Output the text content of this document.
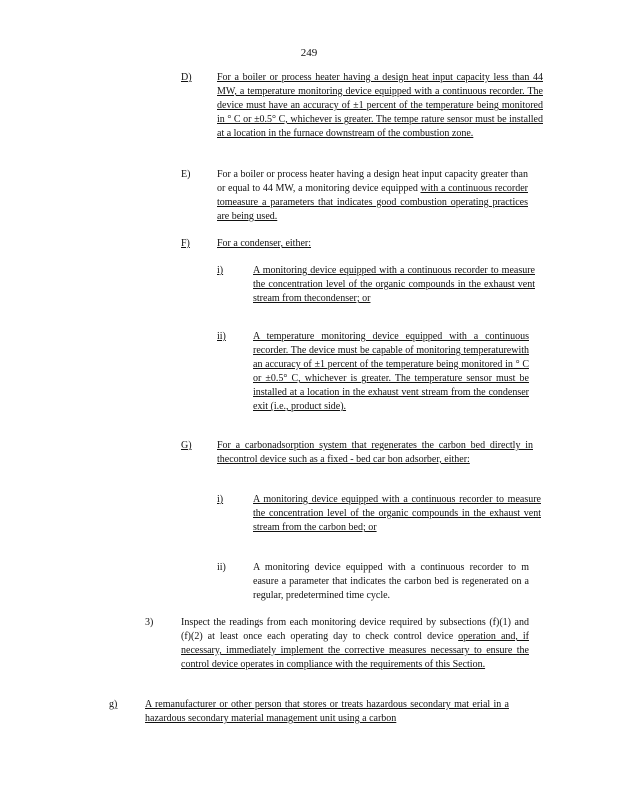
249
D)	For a boiler or process heater having a design heat input capacity less than 44 MW, a temperature monitoring device equipped with a continuous recorder. The device must have an accuracy of ±1 percent of the temperature being monitored in ° C or ±0.5° C, whichever is greater. The tempe rature sensor must be installed at a location in the furnace downstream of the combustion zone.
E)	For a boiler or process heater having a design heat input capacity greater than or equal to 44 MW, a monitoring device equipped with a continuous recorder tomeasure a parameters that indicates good combustion operating practices are being used.
F)	For a condenser, either:
i)	A monitoring device equipped with a continuous recorder to measure the concentration level of the organic compounds in the exhaust vent stream from thecondenser; or
ii)	A temperature monitoring device equipped with a continuous recorder. The device must be capable of monitoring temperaturewith an accuracy of ±1 percent of the temperature being monitored in ° C or ±0.5° C, whichever is greater. The temperature sensor must be installed at a location in the exhaust vent stream from the condenser exit (i.e., product side).
G)	For a carbonadsorption system that regenerates the carbon bed directly in thecontrol device such as a fixed - bed car bon adsorber, either:
i)	A monitoring device equipped with a continuous recorder to measure the concentration level of the organic compounds in the exhaust vent stream from the carbon bed; or
ii)	A monitoring device equipped with a continuous recorder to m easure a parameter that indicates the carbon bed is regenerated on a regular, predetermined time cycle.
3)	Inspect the readings from each monitoring device required by subsections (f)(1) and (f)(2) at least once each operating day to check control device operation and, if necessary, immediately implement the corrective measures necessary to ensure the control device operates in compliance with the requirements of this Section.
g)	A remanufacturer or other person that stores or treats hazardous secondary mat erial in a hazardous secondary material management unit using a carbon
